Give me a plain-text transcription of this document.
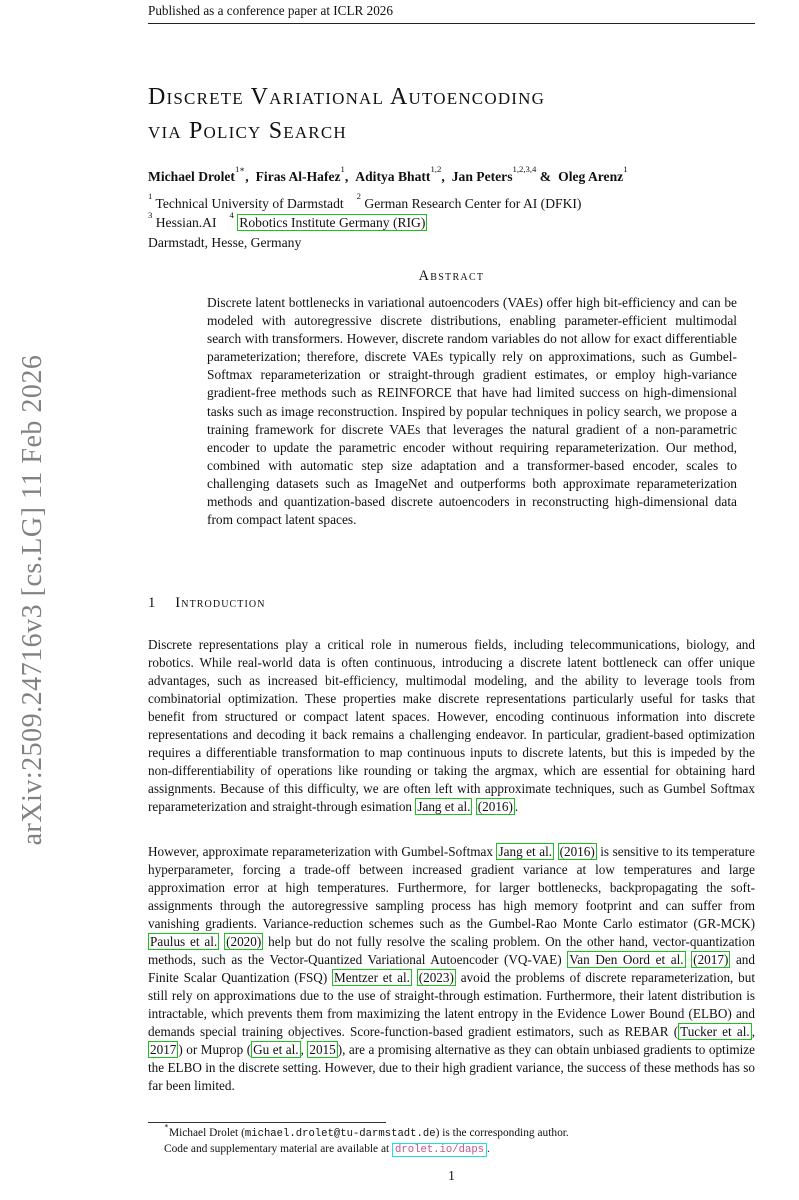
Published as a conference paper at ICLR 2026
arXiv:2509.24716v3 [cs.LG] 11 Feb 2026
Discrete Variational Autoencoding
via Policy Search
Michael Drolet$^{1∗}$, Firas Al-Hafez$^1$, Aditya Bhatt$^{1,2}$, Jan Peters$^{1,2,3,4}$ & Oleg Arenz$^1$
$^1$ Technical University of Darmstadt$^2$ German Research Center for AI (DFKI)
$^3$ $Hessian.AI^4$ Robotics Institute Germany (RIG)
Darmstadt, Hesse, Germany
Abstract
Discrete latent bottlenecks in variational autoencoders (VAEs) offer high bit-efficiency and can be modeled with autoregressive discrete distributions, enabling parameter-efficient multimodal search with transformers. However, discrete random variables do not allow for exact differentiable parameterization; therefore, discrete VAEs typically rely on approximations, such as Gumbel-Softmax reparameterization or straight-through gradient estimates, or employ high-variance gradient-free methods such as REINFORCE that have had limited success on high-dimensional tasks such as image reconstruction. Inspired by popular techniques in policy search, we propose a training framework for discrete VAEs that leverages the natural gradient of a non-parametric encoder to update the parametric encoder without requiring reparameterization. Our method, combined with automatic step size adaptation and a transformer-based encoder, scales to challenging datasets such as ImageNet and outperforms both approximate reparameterization methods and quantization-based discrete autoencoders in reconstructing high-dimensional data from compact latent spaces.
1 Introduction

Discrete representations play a critical role in numerous fields, including telecommunications, biology, and robotics. While real-world data is often continuous, introducing a discrete latent bottleneck can offer unique advantages, such as increased bit-efficiency, multimodal modeling, and the ability to leverage tools from combinatorial optimization. These properties make discrete representations particularly useful for tasks that benefit from structured or compact latent spaces. However, encoding continuous information into discrete representations and decoding it back remains a challenging endeavor. In particular, gradient-based optimization requires a differentiable transformation to map continuous inputs to discrete latents, but this is impeded by the non-differentiability of operations like rounding or taking the argmax, which are essential for obtaining hard assignments. Because of this difficulty, we are often left with approximate techniques, such as Gumbel Softmax reparameterization and straight-through esimation Jang et al. (2016) .

However, approximate reparameterization with Gumbel-Softmax Jang et al. (2016) is sensitive to its temperature hyperparameter, forcing a trade-off between increased gradient variance at low temperatures and large approximation error at high temperatures. Furthermore, for larger bottlenecks, backpropagating the soft-assignments through the autoregressive sampling process has high memory footprint and can suffer from vanishing gradients. Variance-reduction schemes such as the Gumbel-Rao Monte Carlo estimator (GR-MCK) Paulus et al. (2020) help but do not fully resolve the scaling problem. On the other hand, vector-quantization methods, such as the Vector-Quantized Variational Autoencoder (VQ-VAE) Van Den Oord et al. (2017) and Finite Scalar Quantization (FSQ) Mentzer et al. (2023) avoid the problems of discrete reparameterization, but still rely on approximations due to the use of straight-through estimation. Furthermore, their latent distribution is intractable, which prevents them from maximizing the latent entropy in the Evidence Lower Bound (ELBO) and demands special training objectives. Score-function-based gradient estimators, such as REBAR ( Tucker et al. , 2017 ) or Muprop ( Gu et al. , 2015 ), are a promising alternative as they can obtain unbiased gradients to optimize the ELBO in the discrete setting. However, due to their high gradient variance, the success of these methods has so far been limited.

∗Michael Drolet (michael.drolet@tu-darmstadt.de) is the corresponding author.
Code and supplementary material are available at drolet.io/daps .
1
